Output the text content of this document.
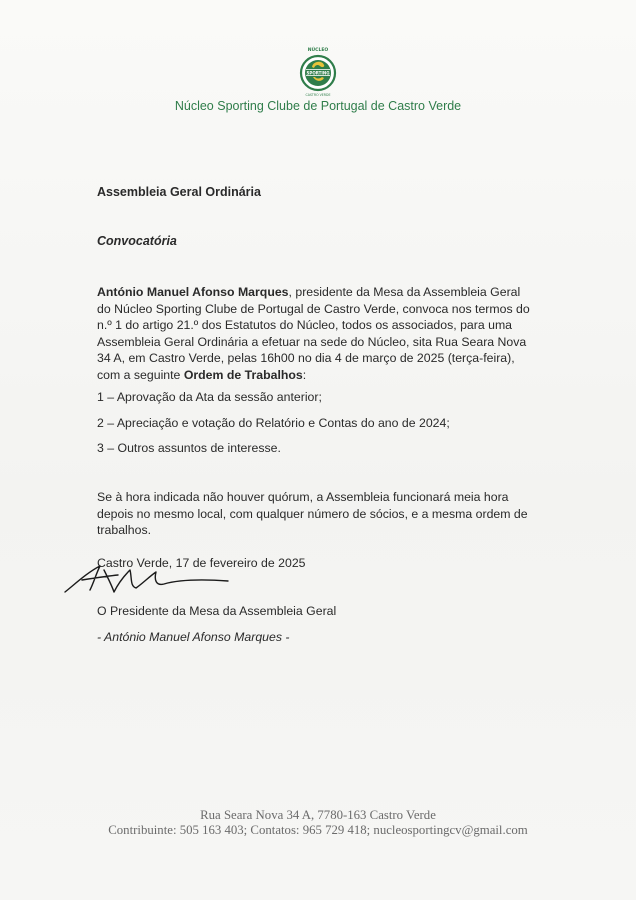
NÚCLEO
SPORTING
CASTRO VERDE
Núcleo Sporting Clube de Portugal de Castro Verde
Assembleia Geral Ordinária
Convocatória
António Manuel Afonso Marques, presidente da Mesa da Assembleia Geral do Núcleo Sporting Clube de Portugal de Castro Verde, convoca nos termos do n.º 1 do artigo 21.º dos Estatutos do Núcleo, todos os associados, para uma Assembleia Geral Ordinária a efetuar na sede do Núcleo, sita Rua Seara Nova 34 A, em Castro Verde, pelas 16h00 no dia 4 de março de 2025 (terça-feira), com a seguinte Ordem de Trabalhos:
1 – Aprovação da Ata da sessão anterior;
2 – Apreciação e votação do Relatório e Contas do ano de 2024;
3 – Outros assuntos de interesse.
Se à hora indicada não houver quórum, a Assembleia funcionará meia hora depois no mesmo local, com qualquer número de sócios, e a mesma ordem de trabalhos.
Castro Verde, 17 de fevereiro de 2025
O Presidente da Mesa da Assembleia Geral
- António Manuel Afonso Marques -
Rua Seara Nova 34 A, 7780-163 Castro Verde
Contribuinte: 505 163 403; Contatos: 965 729 418; nucleosportingcv@gmail.com
